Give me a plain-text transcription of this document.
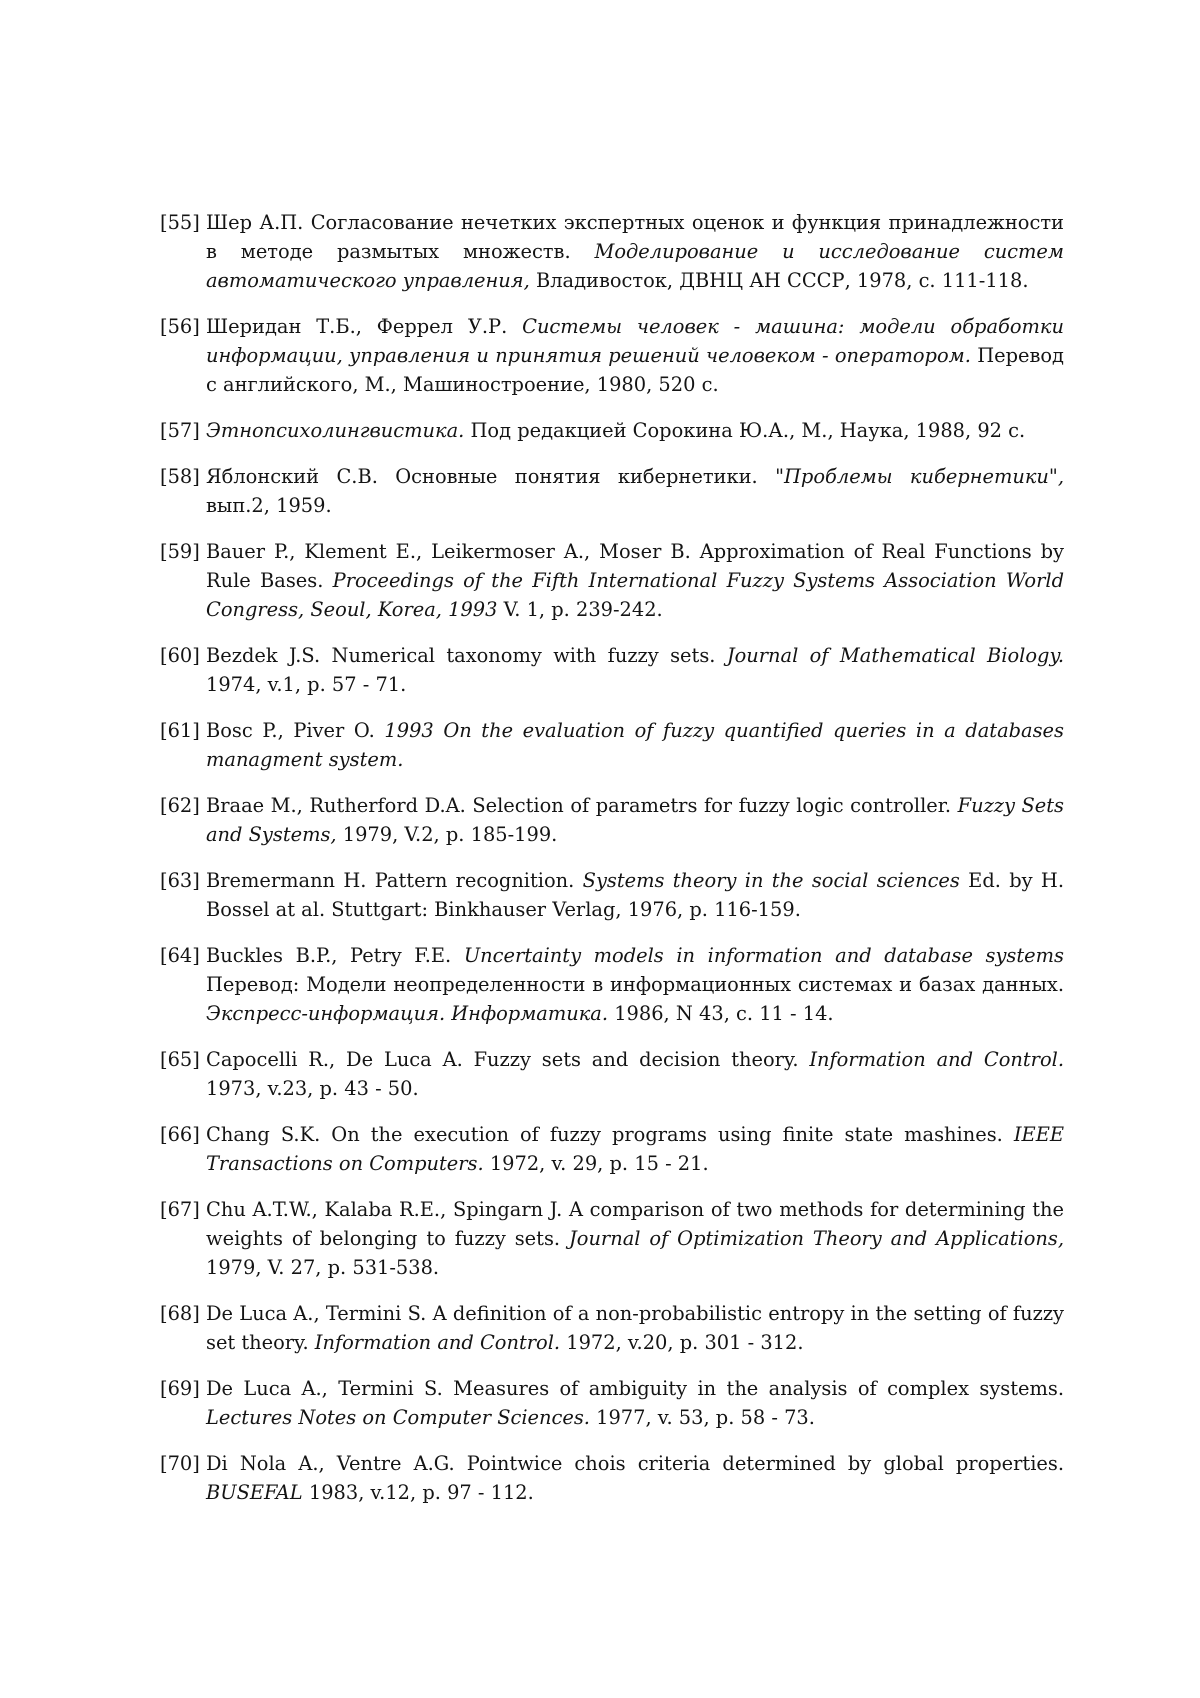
[55] Шер А.П. Согласование нечетких экспертных оценок и функция принадлежности в методе размытых множеств. Моделирование и исследование систем автоматического управления, Владивосток, ДВНЦ АН СССР, 1978, с. 111-118.
[56] Шеридан Т.Б., Феррел У.Р. Системы человек - машина: модели обработки информации, управления и принятия решений человеком - оператором. Перевод с английского, М., Машиностроение, 1980, 520 с.
[57] Этнопсихолингвистика. Под редакцией Сорокина Ю.А., М., Наука, 1988, 92 с.
[58] Яблонский С.В. Основные понятия кибернетики. "Проблемы кибернетики", вып.2, 1959.
[59] Bauer P., Klement E., Leikermoser A., Moser B. Approximation of Real Functions by Rule Bases. Proceedings of the Fifth International Fuzzy Systems Association World Congress, Seoul, Korea, 1993 V. 1, p. 239-242.
[60] Bezdek J.S. Numerical taxonomy with fuzzy sets. Journal of Mathematical Biology. 1974, v.1, p. 57 - 71.
[61] Bosc P., Piver O. 1993 On the evaluation of fuzzy quantified queries in a databases managment system.
[62] Braae M., Rutherford D.A. Selection of parametrs for fuzzy logic controller. Fuzzy Sets and Systems, 1979, V.2, p. 185-199.
[63] Bremermann H. Pattern recognition. Systems theory in the social sciences Ed. by H. Bossel at al. Stuttgart: Binkhauser Verlag, 1976, p. 116-159.
[64] Buckles B.P., Petry F.E. Uncertainty models in information and database systems Перевод: Модели неопределенности в информационных системах и базах данных. Экспресс-информация. Информатика. 1986, N 43, с. 11 - 14.
[65] Capocelli R., De Luca A. Fuzzy sets and decision theory. Information and Control. 1973, v.23, p. 43 - 50.
[66] Chang S.K. On the execution of fuzzy programs using finite state mashines. IEEE Transactions on Computers. 1972, v. 29, p. 15 - 21.
[67] Chu A.T.W., Kalaba R.E., Spingarn J. A comparison of two methods for determining the weights of belonging to fuzzy sets. Journal of Optimization Theory and Applications, 1979, V. 27, p. 531-538.
[68] De Luca A., Termini S. A definition of a non-probabilistic entropy in the setting of fuzzy set theory. Information and Control. 1972, v.20, p. 301 - 312.
[69] De Luca A., Termini S. Measures of ambiguity in the analysis of complex systems. Lectures Notes on Computer Sciences. 1977, v. 53, p. 58 - 73.
[70] Di Nola A., Ventre A.G. Pointwice chois criteria determined by global properties. BUSEFAL 1983, v.12, p. 97 - 112.
